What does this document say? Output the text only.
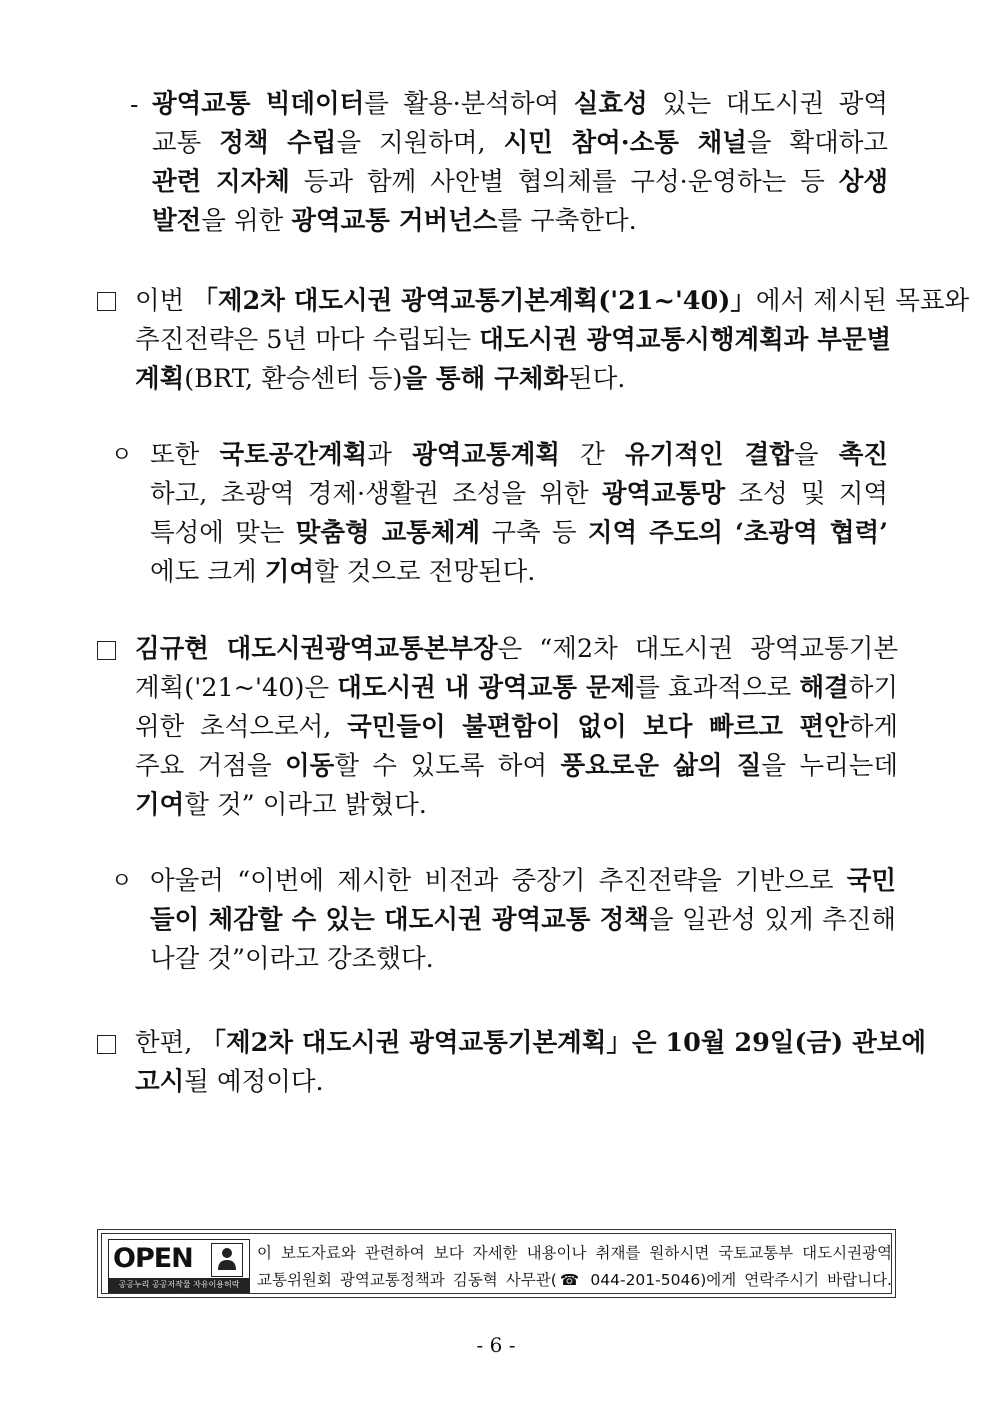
- 광역교통 빅데이터를 활용·분석하여 실효성 있는 대도시권 광역
교통 정책 수립을 지원하며, 시민 참여·소통 채널을 확대하고
관련 지자체 등과 함께 사안별 협의체를 구성·운영하는 등 상생
발전을 위한 광역교통 거버넌스를 구축한다.
이번 「제2차 대도시권 광역교통기본계획('21~'40)」에서 제시된 목표와
추진전략은 5년 마다 수립되는 대도시권 광역교통시행계획과 부문별
계획(BRT, 환승센터 등)을 통해 구체화된다.
ㅇ 또한 국토공간계획과 광역교통계획 간 유기적인 결합을 촉진
하고, 초광역 경제·생활권 조성을 위한 광역교통망 조성 및 지역
특성에 맞는 맞춤형 교통체계 구축 등 지역 주도의 ‘초광역 협력’
에도 크게 기여할 것으로 전망된다.
김규현 대도시권광역교통본부장은 “제2차 대도시권 광역교통기본
계획('21~'40)은 대도시권 내 광역교통 문제를 효과적으로 해결하기
위한 초석으로서, 국민들이 불편함이 없이 보다 빠르고 편안하게
주요 거점을 이동할 수 있도록 하여 풍요로운 삶의 질을 누리는데
기여할 것” 이라고 밝혔다.
ㅇ 아울러 “이번에 제시한 비전과 중장기 추진전략을 기반으로 국민
들이 체감할 수 있는 대도시권 광역교통 정책을 일관성 있게 추진해
나갈 것”이라고 강조했다.
한편, 「제2차 대도시권 광역교통기본계획」은 10월 29일(금) 관보에
고시될 예정이다.
OPEN
공공누리 공공저작물 자유이용허락
이 보도자료와 관련하여 보다 자세한 내용이나 취재를 원하시면 국토교통부 대도시권광역
교통위원회 광역교통정책과 김동혁 사무관(☎ 044-201-5046)에게 연락주시기 바랍니다.
- 6 -
